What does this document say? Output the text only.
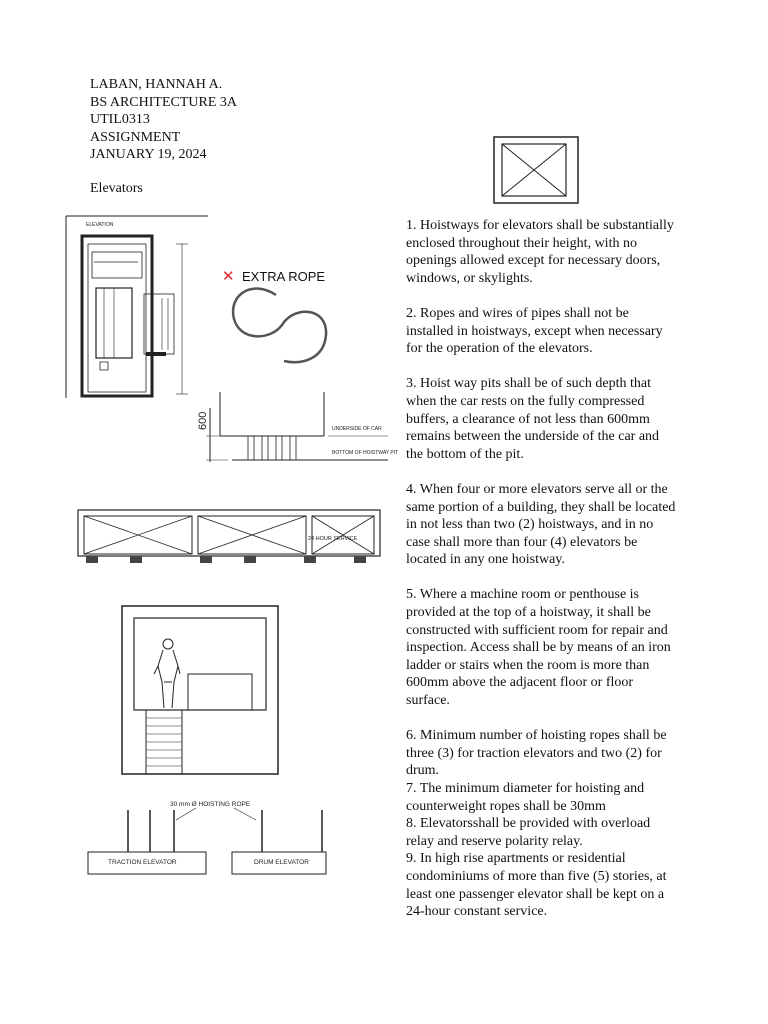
LABAN, HANNAH A.
BS ARCHITECTURE 3A
UTIL0313
ASSIGNMENT
JANUARY 19, 2024
Elevators
ELEVATION
✕ EXTRA ROPE
600	UNDERSIDE OF CAR
BOTTOM OF HOISTWAY PIT
24 HOUR SERVICE
30 mm Ø HOISTING ROPE
TRACTION ELEVATOR	DRUM ELEVATOR

1. Hoistways for elevators shall be substantially enclosed throughout their height, with no openings allowed except for necessary doors, windows, or skylights.

2. Ropes and wires of pipes shall not be installed in hoistways, except when necessary for the operation of the elevators.

3. Hoist way pits shall be of such depth that when the car rests on the fully compressed buffers, a clearance of not less than 600mm remains between the underside of the car and the bottom of the pit.

4. When four or more elevators serve all or the same portion of a building, they shall be located in not less than two (2) hoistways, and in no case shall more than four (4) elevators be located in any one hoistway.

5. Where a machine room or penthouse is provided at the top of a hoistway, it shall be constructed with sufficient room for repair and inspection. Access shall be by means of an iron ladder or stairs when the room is more than 600mm above the adjacent floor or floor surface.

6. Minimum number of hoisting ropes shall be three (3) for traction elevators and two (2) for drum.

7. The minimum diameter for hoisting and counterweight ropes shall be 30mm

8. Elevatorsshall be provided with overload relay and reserve polarity relay.

9. In high rise apartments or residential condominiums of more than five (5) stories, at least one passenger elevator shall be kept on a 24-hour constant service.
